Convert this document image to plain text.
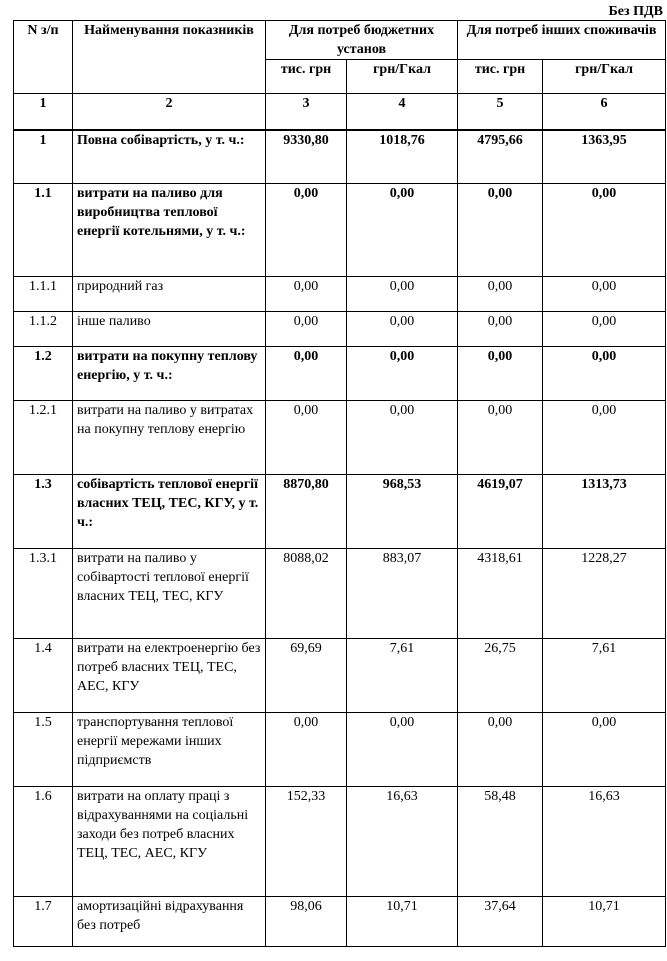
Без ПДВ
N з/п	Найменування показників	Для потреб бюджетних установ		Для потреб інших споживачів	
		тис. грн	грн/Гкал	тис. грн	грн/Гкал
1	2	3	4	5	6
1	Повна собівартість, у т. ч.:	9330,80	1018,76	4795,66	1363,95
1.1	витрати на паливо для виробництва теплової енергії котельнями, у т. ч.:	0,00	0,00	0,00	0,00
1.1.1	природний газ	0,00	0,00	0,00	0,00
1.1.2	інше паливо	0,00	0,00	0,00	0,00
1.2	витрати на покупну теплову енергію, у т. ч.:	0,00	0,00	0,00	0,00
1.2.1	витрати на паливо у витратах на покупну теплову енергію	0,00	0,00	0,00	0,00
1.3	собівартість теплової енергії власних ТЕЦ, ТЕС, КГУ, у т. ч.:	8870,80	968,53	4619,07	1313,73
1.3.1	витрати на паливо у собівартості теплової енергії власних ТЕЦ, ТЕС, КГУ	8088,02	883,07	4318,61	1228,27
1.4	витрати на електроенергію без потреб власних ТЕЦ, ТЕС, АЕС, КГУ	69,69	7,61	26,75	7,61
1.5	транспортування теплової енергії мережами інших підприємств	0,00	0,00	0,00	0,00
1.6	витрати на оплату праці з відрахуваннями на соціальні заходи без потреб власних ТЕЦ, ТЕС, АЕС, КГУ	152,33	16,63	58,48	16,63
1.7	амортизаційні відрахування без потреб	98,06	10,71	37,64	10,71
